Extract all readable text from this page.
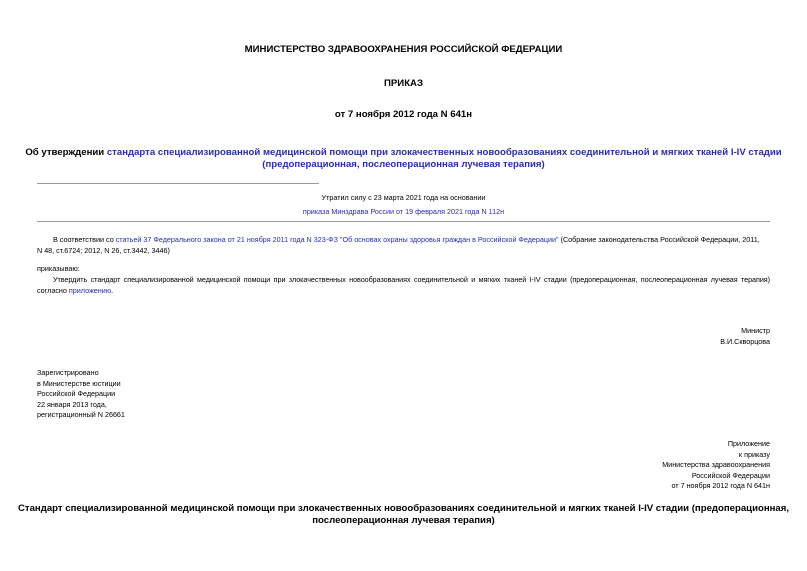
МИНИСТЕРСТВО ЗДРАВООХРАНЕНИЯ РОССИЙСКОЙ ФЕДЕРАЦИИ
ПРИКАЗ
от 7 ноября 2012 года N 641н
Об утверждении стандарта специализированной медицинской помощи при злокачественных новообразованиях соединительной и мягких тканей I-IV стадии
(предоперационная, послеоперационная лучевая терапия)
Утратил силу с 23 марта 2021 года на основании
приказа Минздрава России от 19 февраля 2021 года N 112н
В соответствии со статьей 37 Федерального закона от 21 ноября 2011 года N 323-ФЗ "Об основах охраны здоровья граждан в Российской Федерации" (Собрание законодательства Российской Федерации, 2011,
N 48, ст.6724; 2012, N 26, ст.3442, 3446)
приказываю:
Утвердить стандарт специализированной медицинской помощи при злокачественных новообразованиях соединительной и мягких тканей I-IV стадии (предоперационная, послеоперационная лучевая терапия)
согласно приложению.
Министр
В.И.Скворцова
Зарегистрировано
в Министерстве юстиции
Российской Федерации
22 января 2013 года,
регистрационный N 26661
Приложение
к приказу
Министерства здравоохранения
Российской Федерации
от 7 ноября 2012 года N 641н
Стандарт специализированной медицинской помощи при злокачественных новообразованиях соединительной и мягких тканей I-IV стадии (предоперационная,
послеоперационная лучевая терапия)
